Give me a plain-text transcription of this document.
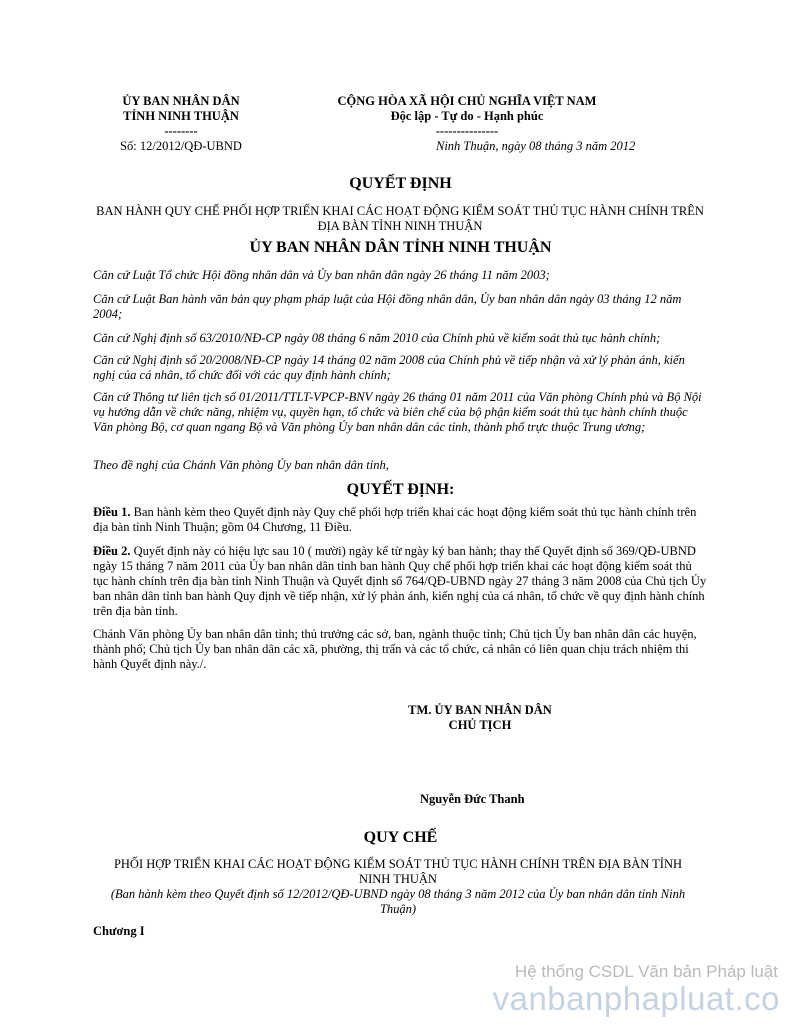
ỦY BAN NHÂN DÂN
TỈNH NINH THUẬN
--------
CỘNG HÒA XÃ HỘI CHỦ NGHĨA VIỆT NAM
Độc lập - Tự do - Hạnh phúc
---------------
Số: 12/2012/QĐ-UBND	Ninh Thuận, ngày 08 tháng 3 năm 2012
QUYẾT ĐỊNH
BAN HÀNH QUY CHẾ PHỐI HỢP TRIỂN KHAI CÁC HOẠT ĐỘNG KIỂM SOÁT THỦ TỤC HÀNH CHÍNH TRÊN ĐỊA BÀN TỈNH NINH THUẬN
ỦY BAN NHÂN DÂN TỈNH NINH THUẬN
Căn cứ Luật Tổ chức Hội đồng nhân dân và Ủy ban nhân dân ngày 26 tháng 11 năm 2003;
Căn cứ Luật Ban hành văn bản quy phạm pháp luật của Hội đồng nhân dân, Ủy ban nhân dân ngày 03 tháng 12 năm 2004;
Căn cứ Nghị định số 63/2010/NĐ-CP ngày 08 tháng 6 năm 2010 của Chính phủ về kiểm soát thủ tục hành chính;
Căn cứ Nghị định số 20/2008/NĐ-CP ngày 14 tháng 02 năm 2008 của Chính phủ về tiếp nhận và xử lý phản ánh, kiến nghị của cá nhân, tổ chức đối với các quy định hành chính;
Căn cứ Thông tư liên tịch số 01/2011/TTLT-VPCP-BNV ngày 26 tháng 01 năm 2011 của Văn phòng Chính phủ và Bộ Nội vụ hướng dẫn về chức năng, nhiệm vụ, quyền hạn, tổ chức và biên chế của bộ phận kiểm soát thủ tục hành chính thuộc Văn phòng Bộ, cơ quan ngang Bộ và Văn phòng Ủy ban nhân dân các tỉnh, thành phố trực thuộc Trung ương;
Theo đề nghị của Chánh Văn phòng Ủy ban nhân dân tỉnh,
QUYẾT ĐỊNH:
Điều 1. Ban hành kèm theo Quyết định này Quy chế phối hợp triển khai các hoạt động kiểm soát thủ tục hành chính trên địa bàn tỉnh Ninh Thuận; gồm 04 Chương, 11 Điều.
Điều 2. Quyết định này có hiệu lực sau 10 ( mười) ngày kể từ ngày ký ban hành; thay thế Quyết định số 369/QĐ-UBND ngày 15 tháng 7 năm 2011 của Ủy ban nhân dân tỉnh ban hành Quy chế phối hợp triển khai các hoạt động kiểm soát thủ tục hành chính trên địa bàn tỉnh Ninh Thuận và Quyết định số 764/QĐ-UBND ngày 27 tháng 3 năm 2008 của Chủ tịch Ủy ban nhân dân tỉnh ban hành Quy định về tiếp nhận, xử lý phản ánh, kiến nghị của cá nhân, tổ chức về quy định hành chính trên địa bàn tỉnh.
Chánh Văn phòng Ủy ban nhân dân tỉnh; thủ trưởng các sở, ban, ngành thuộc tỉnh; Chủ tịch Ủy ban nhân dân các huyện, thành phố; Chủ tịch Ủy ban nhân dân các xã, phường, thị trấn và các tổ chức, cá nhân có liên quan chịu trách nhiệm thi hành Quyết định này./.
TM. ỦY BAN NHÂN DÂN
CHỦ TỊCH
Nguyễn Đức Thanh
QUY CHẾ
PHỐI HỢP TRIỂN KHAI CÁC HOẠT ĐỘNG KIỂM SOÁT THỦ TỤC HÀNH CHÍNH TRÊN ĐỊA BÀN TỈNH NINH THUẬN
(Ban hành kèm theo Quyết định số 12/2012/QĐ-UBND ngày 08 tháng 3 năm 2012 của Ủy ban nhân dân tỉnh Ninh Thuận)
Chương I
Hệ thống CSDL Văn bản Pháp luật
vanbanphapluat.co
